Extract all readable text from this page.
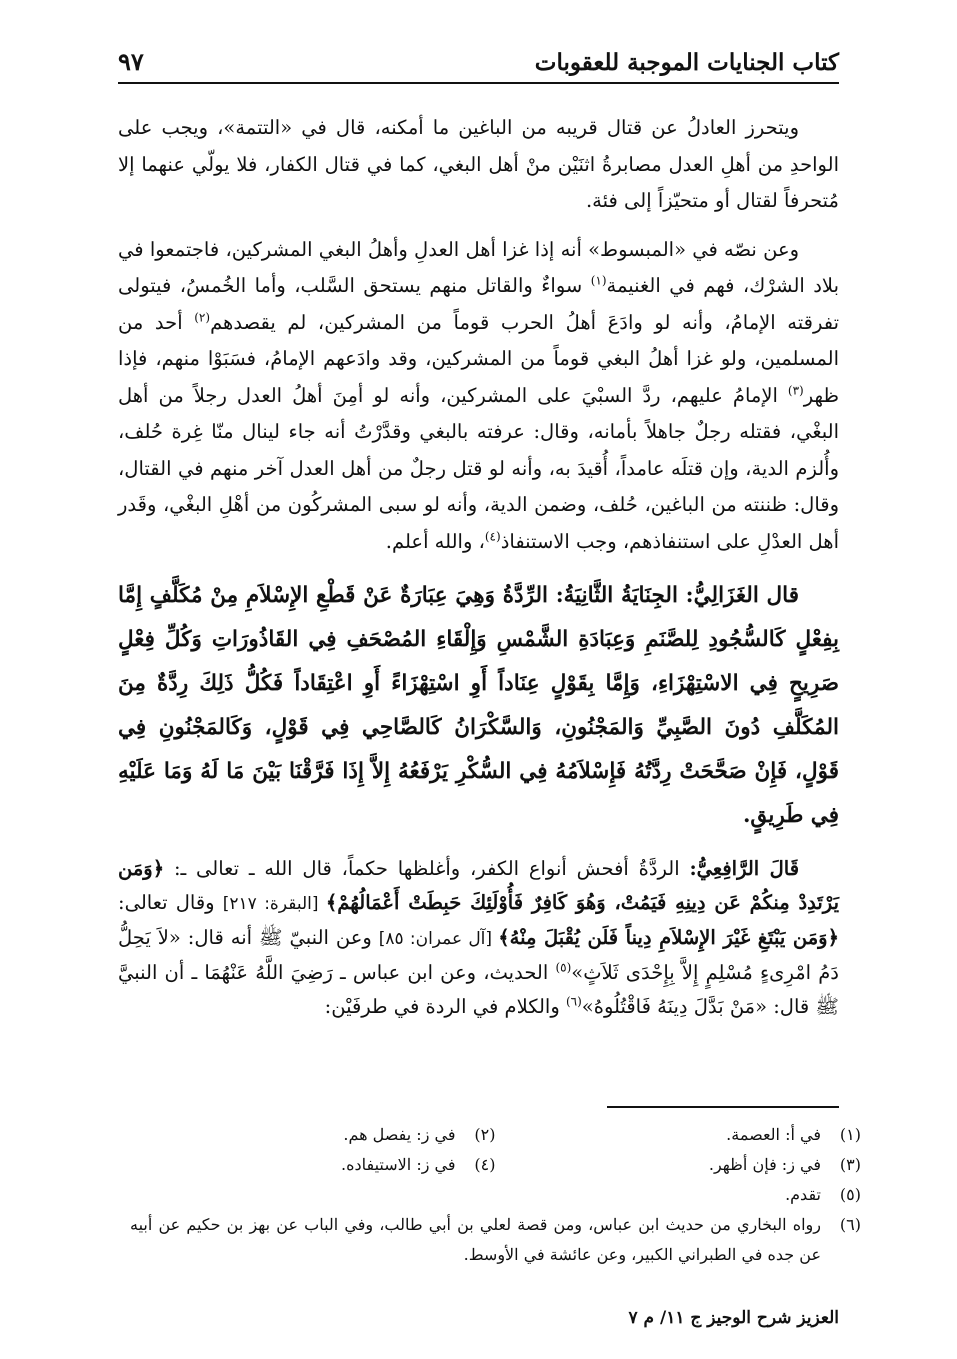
كتاب الجنايات الموجبة للعقوبات
٩٧

ويتحرز العادلُ عن قتال قريبه من الباغين ما أمكنه، قال في «التتمة»، ويجب على الواحدِ من أهلِ العدل مصابرةُ اثنَيْن منْ أهل البغي، كما في قتال الكفار، فلا يولّي عنهما إلا مُتحرفاً لقتال أو متحيّزاً إلى فئة.

وعن نصّه في «المبسوط» أنه إذا غزا أهل العدلِ وأهلُ البغي المشركين، فاجتمعوا في بلاد الشرْك، فهم في الغنيمة$^{(١)}$ سواءٌ والقاتل منهم يستحق السَّلب، وأما الخُمسُ، فيتولى تفرقته الإمامُ، وأنه لو وادَعَ أهلُ الحرب قوماً من المشركين، لم يقصدهم$^{(٢)}$ أحد من المسلمين، ولو غزا أهلُ البغي قوماً من المشركين، وقد وادَعهم الإمامُ، فسَبَوْا منهم، فإذا ظهر$^{(٣)}$ الإمامُ عليهم، ردَّ السبْيَ على المشركين، وأنه لو أمِنَ أهلُ العدل رجلاً من أهل البغْي، فقتله رجلٌ جاهلاً بأمانه، وقال: عرفته بالبغي وقدَّرْتُ أنه جاء لينال منّا غِرة حُلف، وأُلزم الدية، وإن قتلَه عامداً، أُقيدَ به، وأنه لو قتل رجلٌ من أهل العدل آخر منهم في القتال، وقال: ظننته من الباغين، حُلف، وضمن الدية، وأنه لو سبى المشركُون من أهْلِ البغْي، وقَدر أهل العدْلِ على استنفاذهم، وجب الاستنفاذ$^{(٤)}$، والله أعلم.

قال الغَزَالِيُّ: الجِنَايَةُ الثَّانِيَةُ: الرِّدَّةُ وَهِيَ عِبَارَةٌ عَنْ قَطْعِ الإِسْلاَمِ مِنْ مُكَلَّفٍ إِمَّا بِفِعْلٍ كَالسُّجُودِ لِلصَّنَمِ وَعِبَادَةِ الشَّمْسِ وَإِلْقَاءِ المُصْحَفِ فِي القَاذُورَاتِ وَكُلِّ فِعْلٍ صَرِيحٍ فِي الاسْتِهْزَاءِ، وَإِمَّا بِقَوْلٍ عِنَاداً أَوِ اسْتِهْزَاءً أَوِ اعْتِقَاداً فَكُلُّ ذَلِكَ رِدَّةٌ مِنَ المُكَلَّفِ دُونَ الصَّبِيِّ وَالمَجْنُونِ، وَالسَّكْرَانُ كَالصَّاحِي فِي قَوْلٍ، وَكَالمَجْنُونِ فِي قَوْلٍ، فَإِنْ صَحَّحَتْ رِدَّتُهُ فَإِسْلاَمُهُ فِي السُّكْرِ يَرْفَعُهُ إِلاَّ إِذَا فَرَّقْنَا بَيْنَ مَا لَهُ وَمَا عَلَيْهِ فِي طَرِيقٍ.

قَالَ الرَّافِعِيُّ: الردَّةُ أفحش أنواع الكفر، وأغلظها حكماً، قال الله ـ تعالى ـ: ﴿وَمَن يَرْتَدِدْ مِنكُمْ عَن دِينِهِ فَيَمُتْ، وَهُوَ كَافِرٌ فَأُوْلَئِكَ حَبِطَتْ أَعْمَالُهُمْ﴾ [البقرة: ٢١٧] وقال تعالى: ﴿وَمَن يَبْتَغِ غَيْرَ الإِسْلاَمِ دِيناً فَلَن يُقْبَلَ مِنْهُ﴾ [آل عمران: ٨٥] وعن النبيّ ﷺ أنه قال: «لاَ يَحِلُّ دَمُ امْرِىءٍ مُسْلِمٍ إِلاَّ بِإِحْدَى ثَلاَثٍ»$^{(٥)}$ الحديث، وعن ابن عباس ـ رَضِيَ اللَّهُ عَنْهُمَا ـ أن النبيَّ ﷺ قال: «مَنْ بَدَّلَ دِينَهُ فَاقْتُلُوهُ»$^{(٦)}$ والكلام في الردة في طرفَيْن:

(١)
في أ: العصمة.
(٢)
في ز: يفصل هم.
(٣)
في ز: فإن أظهر.
(٤)
في ز: الاستيفاده.
(٥)
تقدم.
(٦)
رواه البخاري من حديث ابن عباس، ومن قصة لعلي بن أبي طالب، وفي الباب عن بهز بن حكيم عن أبيه عن جده في الطبراني الكبير، وعن عائشة في الأوسط.
العزيز شرح الوجيز ج ١١/ م ٧
